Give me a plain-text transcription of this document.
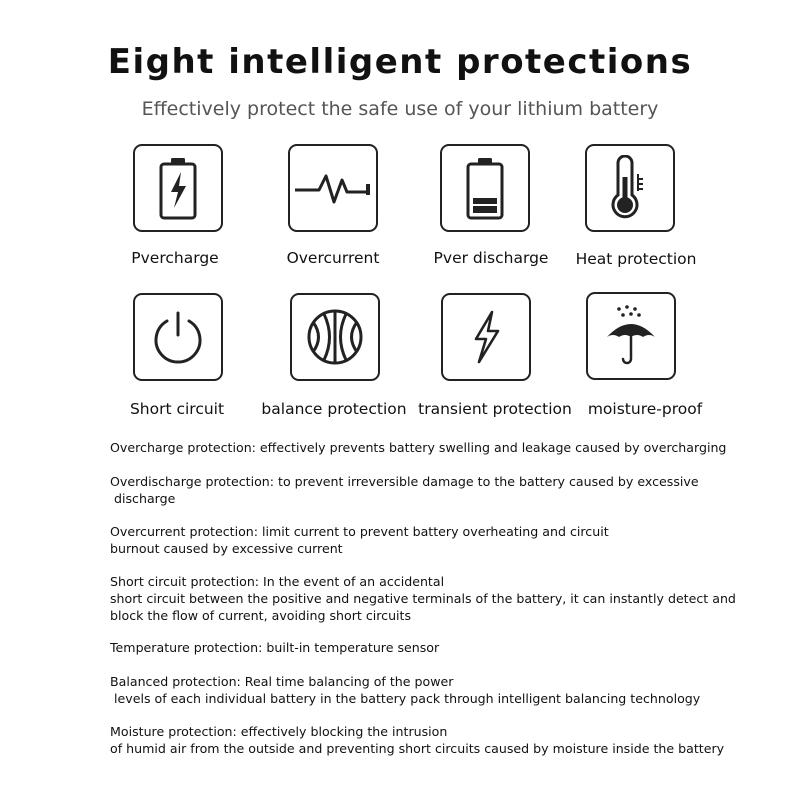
Eight intelligent protections

Effectively protect the safe use of your lithium battery

Pvercharge	Overcurrent	Pver discharge	Heat protection
Short circuit	balance protection transient protection	moisture-proof
Overcharge protection: effectively prevents battery swelling and leakage caused by overcharging
Overdischarge protection: to prevent irreversible damage to the battery caused by excessive
discharge
Overcurrent protection: limit current to prevent battery overheating and circuit
burnout caused by excessive current
Short circuit protection: In the event of an accidental
short circuit between the positive and negative terminals of the battery, it can instantly detect and
block the flow of current, avoiding short circuits
Temperature protection: built-in temperature sensor
Balanced protection: Real time balancing of the power
levels of each individual battery in the battery pack through intelligent balancing technology
Moisture protection: effectively blocking the intrusion
of humid air from the outside and preventing short circuits caused by moisture inside the battery
